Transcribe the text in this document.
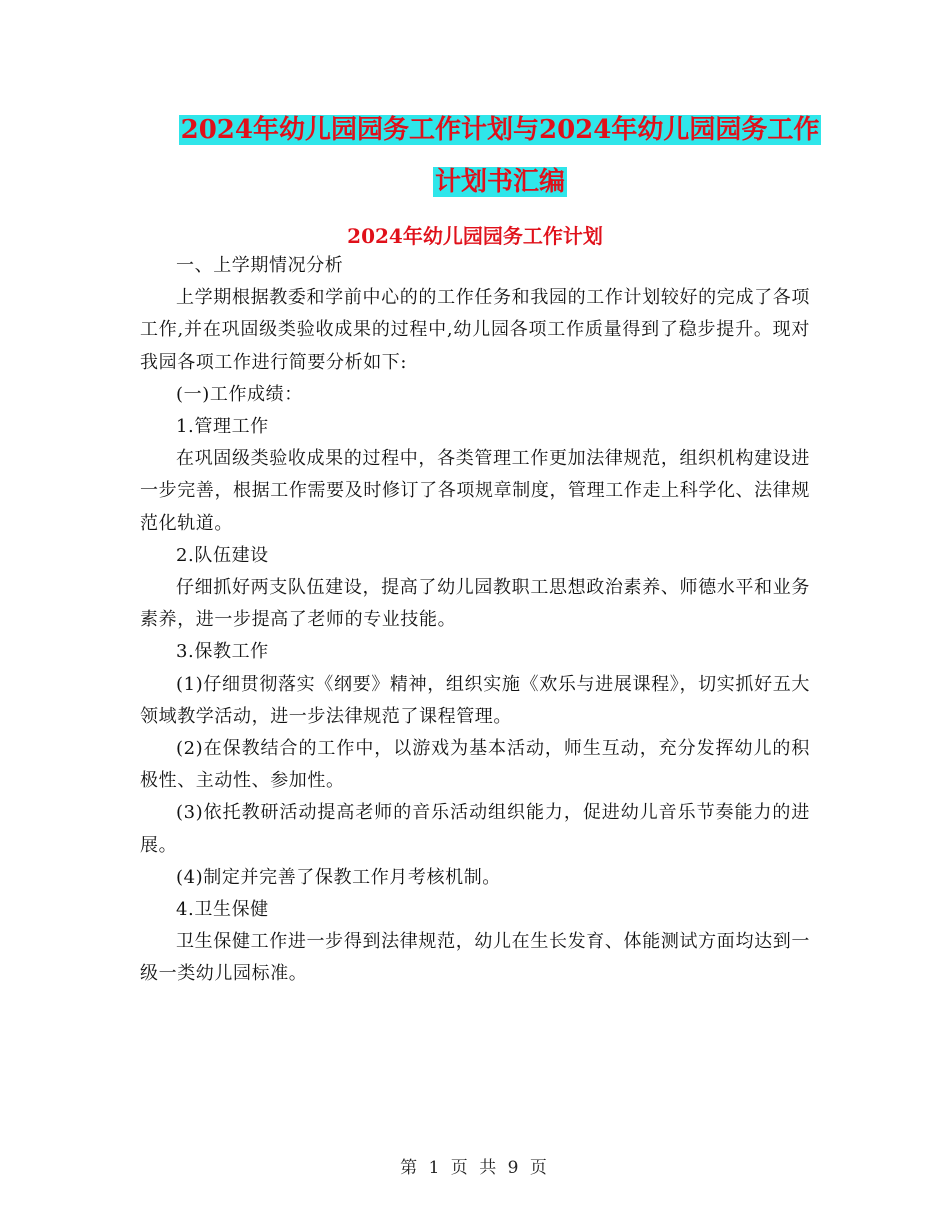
2024年幼儿园园务工作计划与2024年幼儿园园务工作
计划书汇编
2024年幼儿园园务工作计划

一、上学期情况分析

上学期根据教委和学前中心的的工作任务和我园的工作计划较好的完成了各项工作,并在巩固级类验收成果的过程中,幼儿园各项工作质量得到了稳步提升。现对我园各项工作进行简要分析如下:

(一)工作成绩：

1.管理工作

在巩固级类验收成果的过程中，各类管理工作更加法律规范，组织机构建设进一步完善，根据工作需要及时修订了各项规章制度，管理工作走上科学化、法律规范化轨道。

2.队伍建设

仔细抓好两支队伍建设，提高了幼儿园教职工思想政治素养、师德水平和业务素养，进一步提高了老师的专业技能。

3.保教工作

(1)仔细贯彻落实《纲要》精神，组织实施《欢乐与进展课程》，切实抓好五大领域教学活动，进一步法律规范了课程管理。

(2)在保教结合的工作中，以游戏为基本活动，师生互动，充分发挥幼儿的积极性、主动性、参加性。

(3)依托教研活动提高老师的音乐活动组织能力，促进幼儿音乐节奏能力的进展。

(4)制定并完善了保教工作月考核机制。

4.卫生保健

卫生保健工作进一步得到法律规范，幼儿在生长发育、体能测试方面均达到一级一类幼儿园标准。

第 1 页 共 9 页
